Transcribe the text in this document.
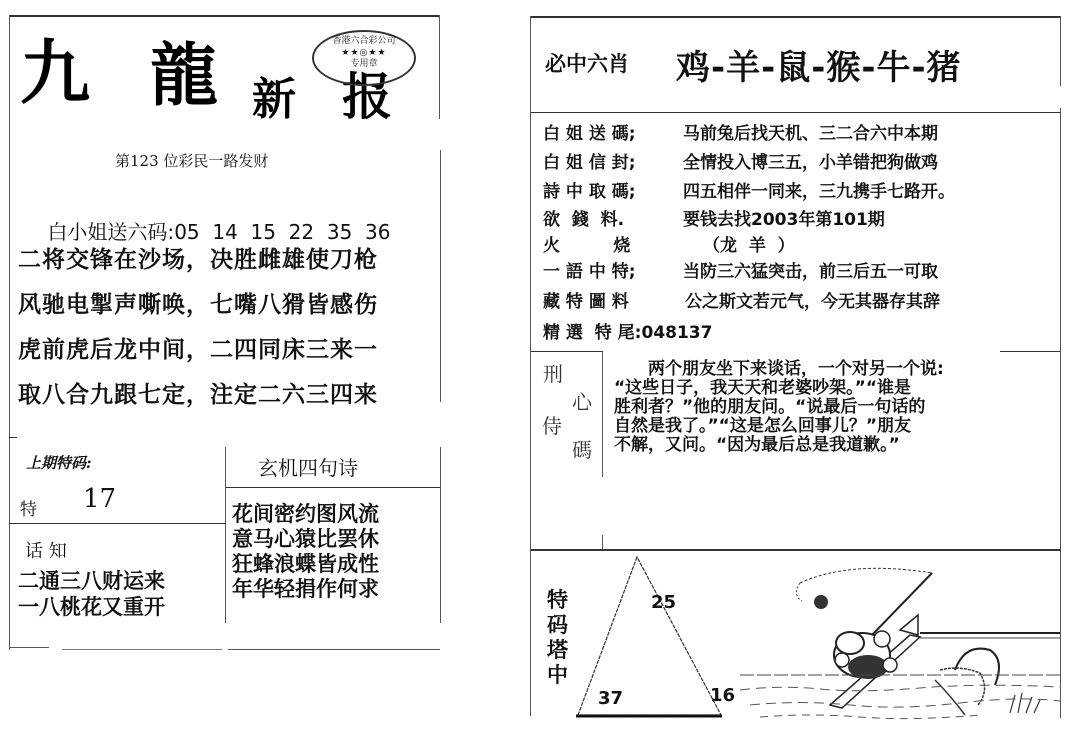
九 龍 新 报
香港六合彩公司
★★◎★★
专用章
第123 位彩民一路发财

白小姐送六码:05  14  15  22  35  36

二将交锋在沙场，决胜雌雄使刀枪
风驰电掣声嘶唤，七嘴八猾皆感伤
虎前虎后龙中间，二四同床三来一
取八合九跟七定，注定二六三四来
上期特码:
特 17
话 知
二通三八财运来
一八桃花又重开
玄机四句诗
花间密约图风流
意马心猿比罢休
狂蜂浪蝶皆成性
年华轻捐作何求
必中六肖 鸡-羊-鼠-猴-牛-猪
白 姐 送 碼;	马前兔后找天机、三二合六中本期
白 姐 信 封;	全情投入博三五，小羊错把狗做鸡
詩 中 取 碼;	四五相伴一同来，三九携手七路开。
欲  錢  料.	要钱去找2003年第101期
火         烧	（龙  羊  ）
一 語 中 特;	当防三六猛突击，前三后五一可取
藏 特 圖 料	公之斯文若元气，今无其器存其辞
精 選  特 尾:048137
刑
心
侍
碼

　　两个朋友坐下来谈话，一个对另一个说:

“这些日子，我天天和老婆吵架。”“谁是

胜利者？”他的朋友问。“说最后一句话的

自然是我了。”“这是怎么回事儿？”朋友

不解，又问。“因为最后总是我道歉。”

特码塔中
25
37	16
